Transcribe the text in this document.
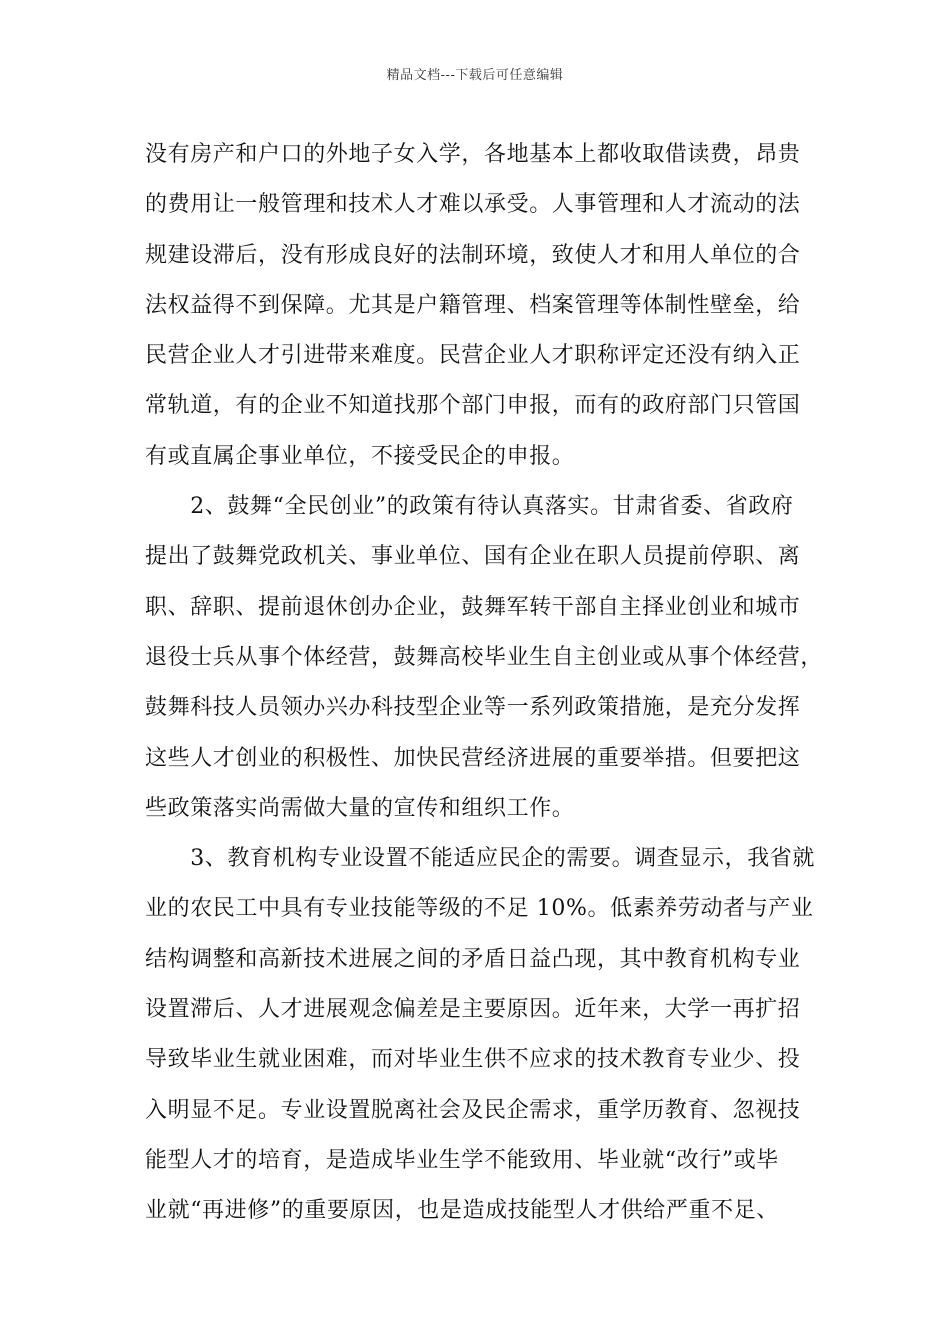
精品文档---下载后可任意编辑
没有房产和户口的外地子女入学，各地基本上都收取借读费，昂贵
的费用让一般管理和技术人才难以承受。人事管理和人才流动的法
规建设滞后，没有形成良好的法制环境，致使人才和用人单位的合
法权益得不到保障。尤其是户籍管理、档案管理等体制性壁垒，给
民营企业人才引进带来难度。民营企业人才职称评定还没有纳入正
常轨道，有的企业不知道找那个部门申报，而有的政府部门只管国
有或直属企事业单位，不接受民企的申报。
　　2、鼓舞“全民创业”的政策有待认真落实。甘肃省委、省政府
提出了鼓舞党政机关、事业单位、国有企业在职人员提前停职、离
职、辞职、提前退休创办企业，鼓舞军转干部自主择业创业和城市
退役士兵从事个体经营，鼓舞高校毕业生自主创业或从事个体经营，
鼓舞科技人员领办兴办科技型企业等一系列政策措施，是充分发挥
这些人才创业的积极性、加快民营经济进展的重要举措。但要把这
些政策落实尚需做大量的宣传和组织工作。
　　3、教育机构专业设置不能适应民企的需要。调查显示，我省就
业的农民工中具有专业技能等级的不足 10%。低素养劳动者与产业
结构调整和高新技术进展之间的矛盾日益凸现，其中教育机构专业
设置滞后、人才进展观念偏差是主要原因。近年来，大学一再扩招
导致毕业生就业困难，而对毕业生供不应求的技术教育专业少、投
入明显不足。专业设置脱离社会及民企需求，重学历教育、忽视技
能型人才的培育，是造成毕业生学不能致用、毕业就“改行”或毕
业就“再进修”的重要原因，也是造成技能型人才供给严重不足、
